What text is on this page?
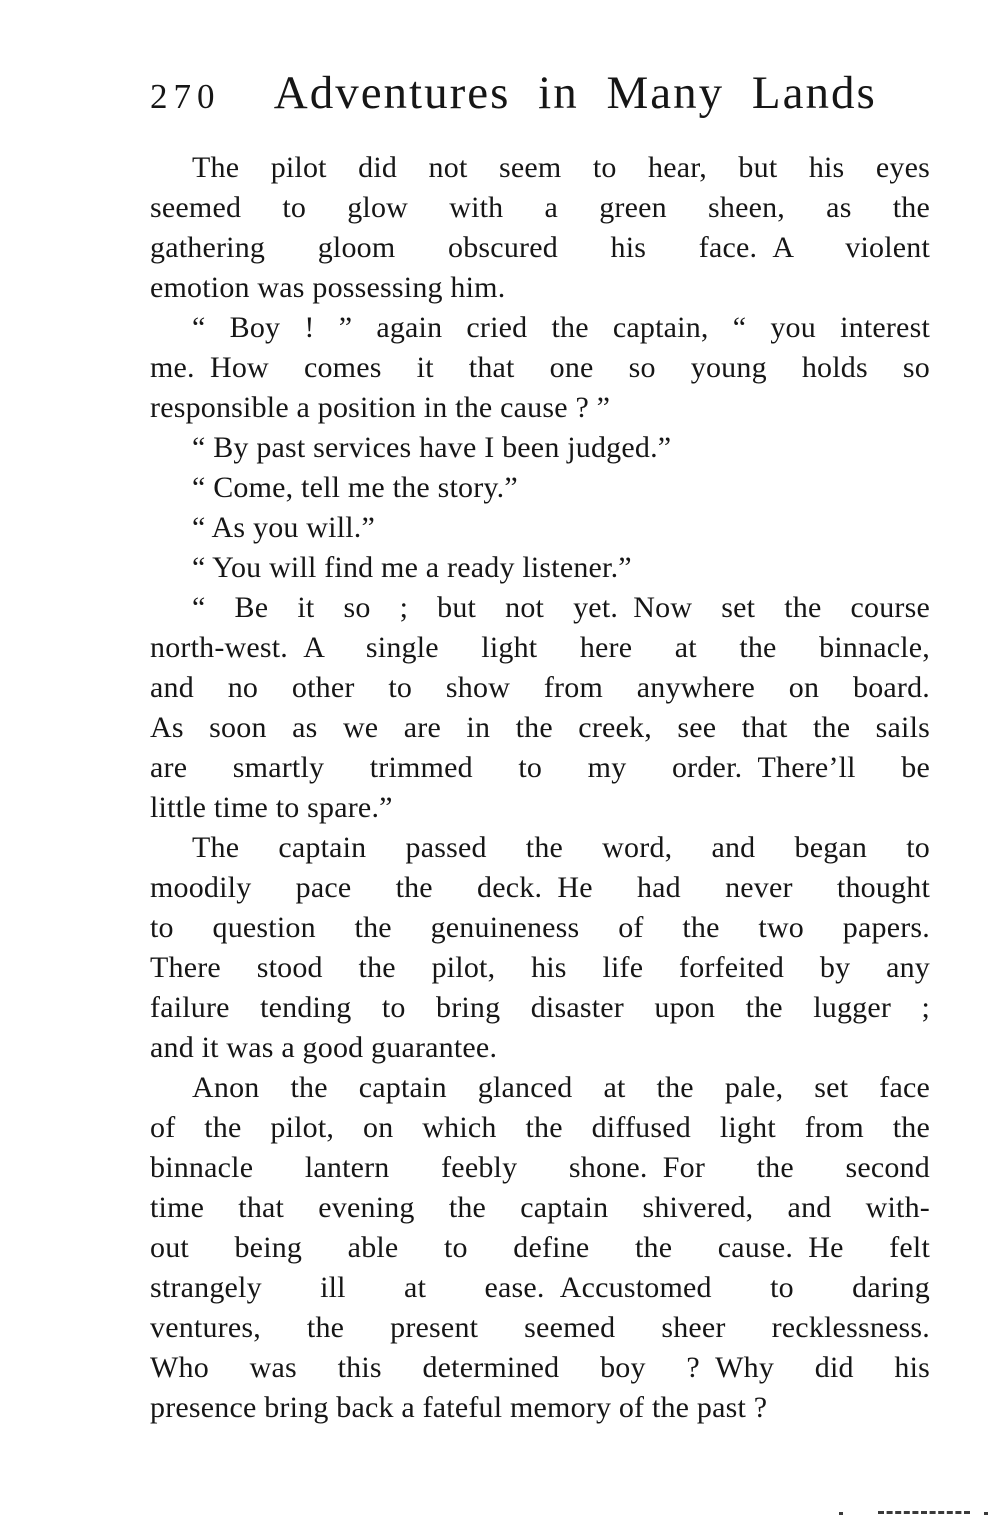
270	Adventures in Many Lands
The pilot did not seem to hear, but his eyes
seemed to glow with a green sheen, as the
gathering gloom obscured his face. A violent
emotion was possessing him.
“ Boy ! ” again cried the captain, “ you interest
me. How comes it that one so young holds so
responsible a position in the cause ? ”
“ By past services have I been judged.”
“ Come, tell me the story.”
“ As you will.”
“ You will find me a ready listener.”
“ Be it so ; but not yet. Now set the course
north-west. A single light here at the binnacle,
and no other to show from anywhere on board.
As soon as we are in the creek, see that the sails
are smartly trimmed to my order. There’ll be
little time to spare.”
The captain passed the word, and began to
moodily pace the deck. He had never thought
to question the genuineness of the two papers.
There stood the pilot, his life forfeited by any
failure tending to bring disaster upon the lugger ;
and it was a good guarantee.
Anon the captain glanced at the pale, set face
of the pilot, on which the diffused light from the
binnacle lantern feebly shone. For the second
time that evening the captain shivered, and with-
out being able to define the cause. He felt
strangely ill at ease. Accustomed to daring
ventures, the present seemed sheer recklessness.
Who was this determined boy ? Why did his
presence bring back a fateful memory of the past ?
